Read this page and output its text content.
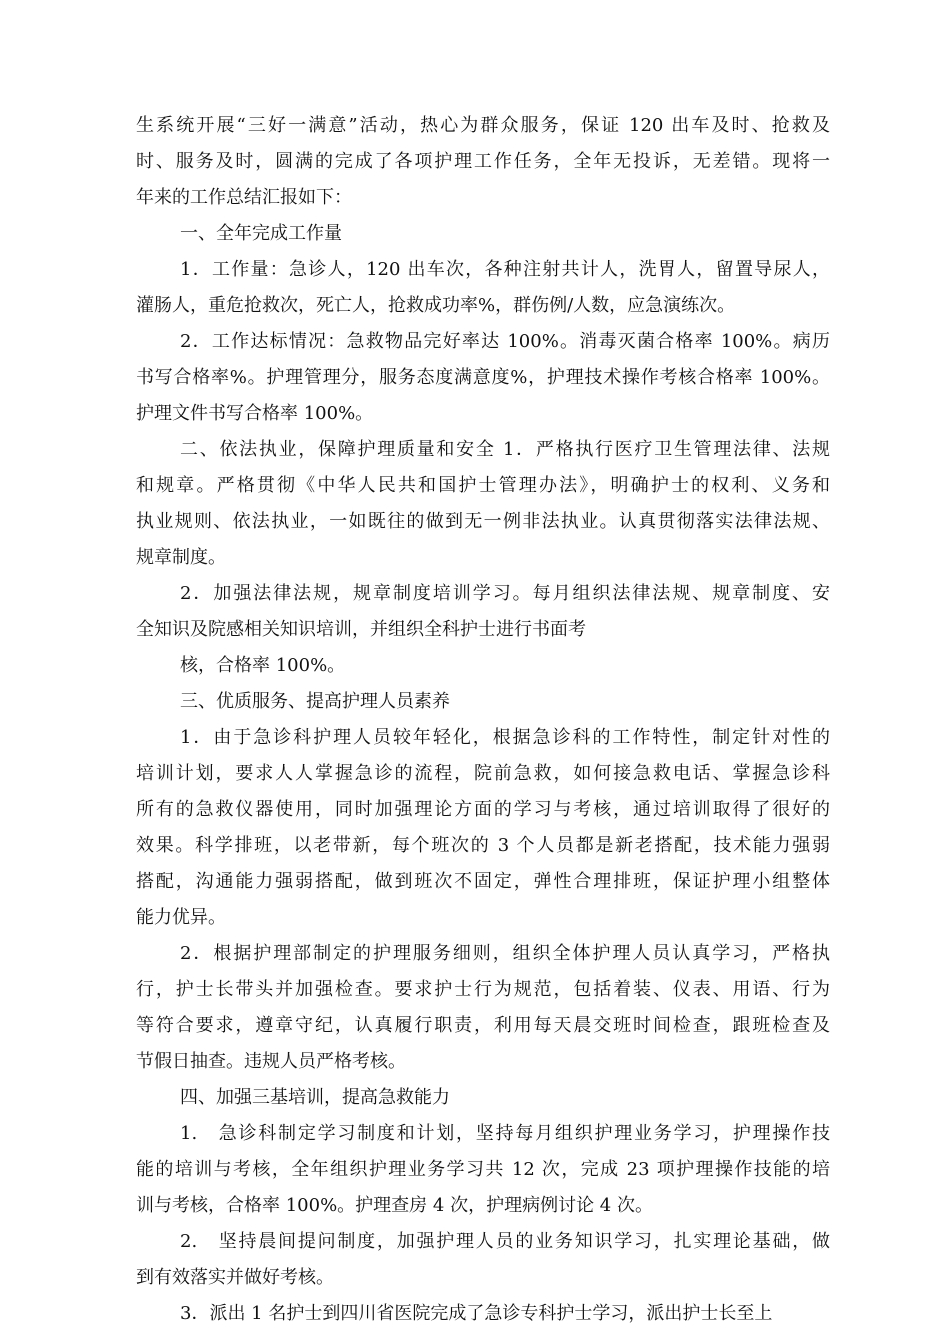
生系统开展“三好一满意”活动，热心为群众服务，保证 120 出车及时、抢救及
时、服务及时，圆满的完成了各项护理工作任务，全年无投诉，无差错。现将一
年来的工作总结汇报如下：
一、全年完成工作量
1．工作量：急诊人，120 出车次，各种注射共计人，洗胃人，留置导尿人，
灌肠人，重危抢救次，死亡人，抢救成功率%，群伤例/人数，应急演练次。
2．工作达标情况：急救物品完好率达 100%。消毒灭菌合格率 100%。病历
书写合格率%。护理管理分，服务态度满意度%，护理技术操作考核合格率 100%。
护理文件书写合格率 100%。
二、依法执业，保障护理质量和安全 1．严格执行医疗卫生管理法律、法规
和规章。严格贯彻《中华人民共和国护士管理办法》，明确护士的权利、义务和
执业规则、依法执业，一如既往的做到无一例非法执业。认真贯彻落实法律法规、
规章制度。
2．加强法律法规，规章制度培训学习。每月组织法律法规、规章制度、安
全知识及院感相关知识培训，并组织全科护士进行书面考
核，合格率 100%。
三、优质服务、提高护理人员素养
1．由于急诊科护理人员较年轻化，根据急诊科的工作特性，制定针对性的
培训计划，要求人人掌握急诊的流程，院前急救，如何接急救电话、掌握急诊科
所有的急救仪器使用，同时加强理论方面的学习与考核，通过培训取得了很好的
效果。科学排班，以老带新，每个班次的 3 个人员都是新老搭配，技术能力强弱
搭配，沟通能力强弱搭配，做到班次不固定，弹性合理排班，保证护理小组整体
能力优异。
2．根据护理部制定的护理服务细则，组织全体护理人员认真学习，严格执
行，护士长带头并加强检查。要求护士行为规范，包括着装、仪表、用语、行为
等符合要求，遵章守纪，认真履行职责，利用每天晨交班时间检查，跟班检查及
节假日抽查。违规人员严格考核。
四、加强三基培训，提高急救能力
1.　急诊科制定学习制度和计划，坚持每月组织护理业务学习，护理操作技
能的培训与考核，全年组织护理业务学习共 12 次，完成 23 项护理操作技能的培
训与考核，合格率 100%。护理查房 4 次，护理病例讨论 4 次。
2.　坚持晨间提问制度，加强护理人员的业务知识学习，扎实理论基础，做
到有效落实并做好考核。
3．派出 1 名护士到四川省医院完成了急诊专科护士学习，派出护士长至上
